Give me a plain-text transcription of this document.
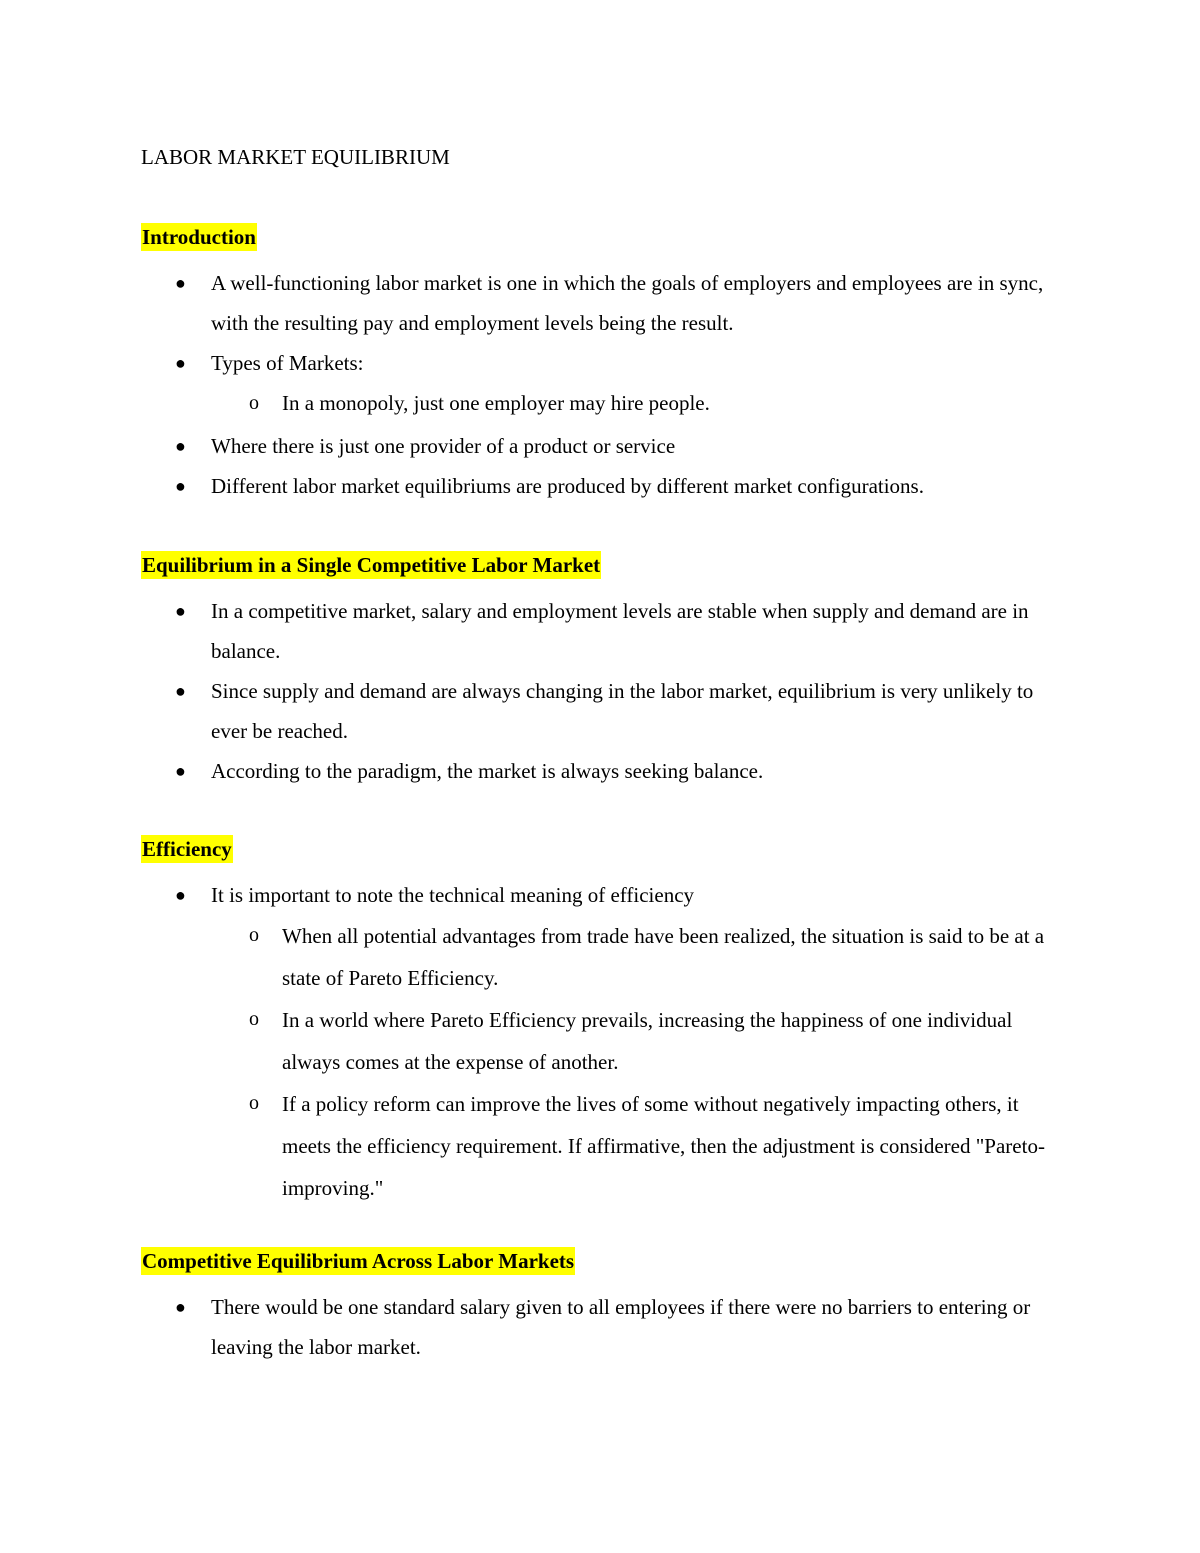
LABOR MARKET EQUILIBRIUM
Introduction
● A well-functioning labor market is one in which the goals of employers and employees are in sync, with the resulting pay and employment levels being the result.
● Types of Markets:
o In a monopoly, just one employer may hire people.
● Where there is just one provider of a product or service
● Different labor market equilibriums are produced by different market configurations.
Equilibrium in a Single Competitive Labor Market
● In a competitive market, salary and employment levels are stable when supply and demand are in balance.
● Since supply and demand are always changing in the labor market, equilibrium is very unlikely to ever be reached.
● According to the paradigm, the market is always seeking balance.
Efficiency
● It is important to note the technical meaning of efficiency
o When all potential advantages from trade have been realized, the situation is said to be at a state of Pareto Efficiency.
o In a world where Pareto Efficiency prevails, increasing the happiness of one individual always comes at the expense of another.
o If a policy reform can improve the lives of some without negatively impacting others, it meets the efficiency requirement. If affirmative, then the adjustment is considered "Pareto-improving."
Competitive Equilibrium Across Labor Markets
● There would be one standard salary given to all employees if there were no barriers to entering or leaving the labor market.
